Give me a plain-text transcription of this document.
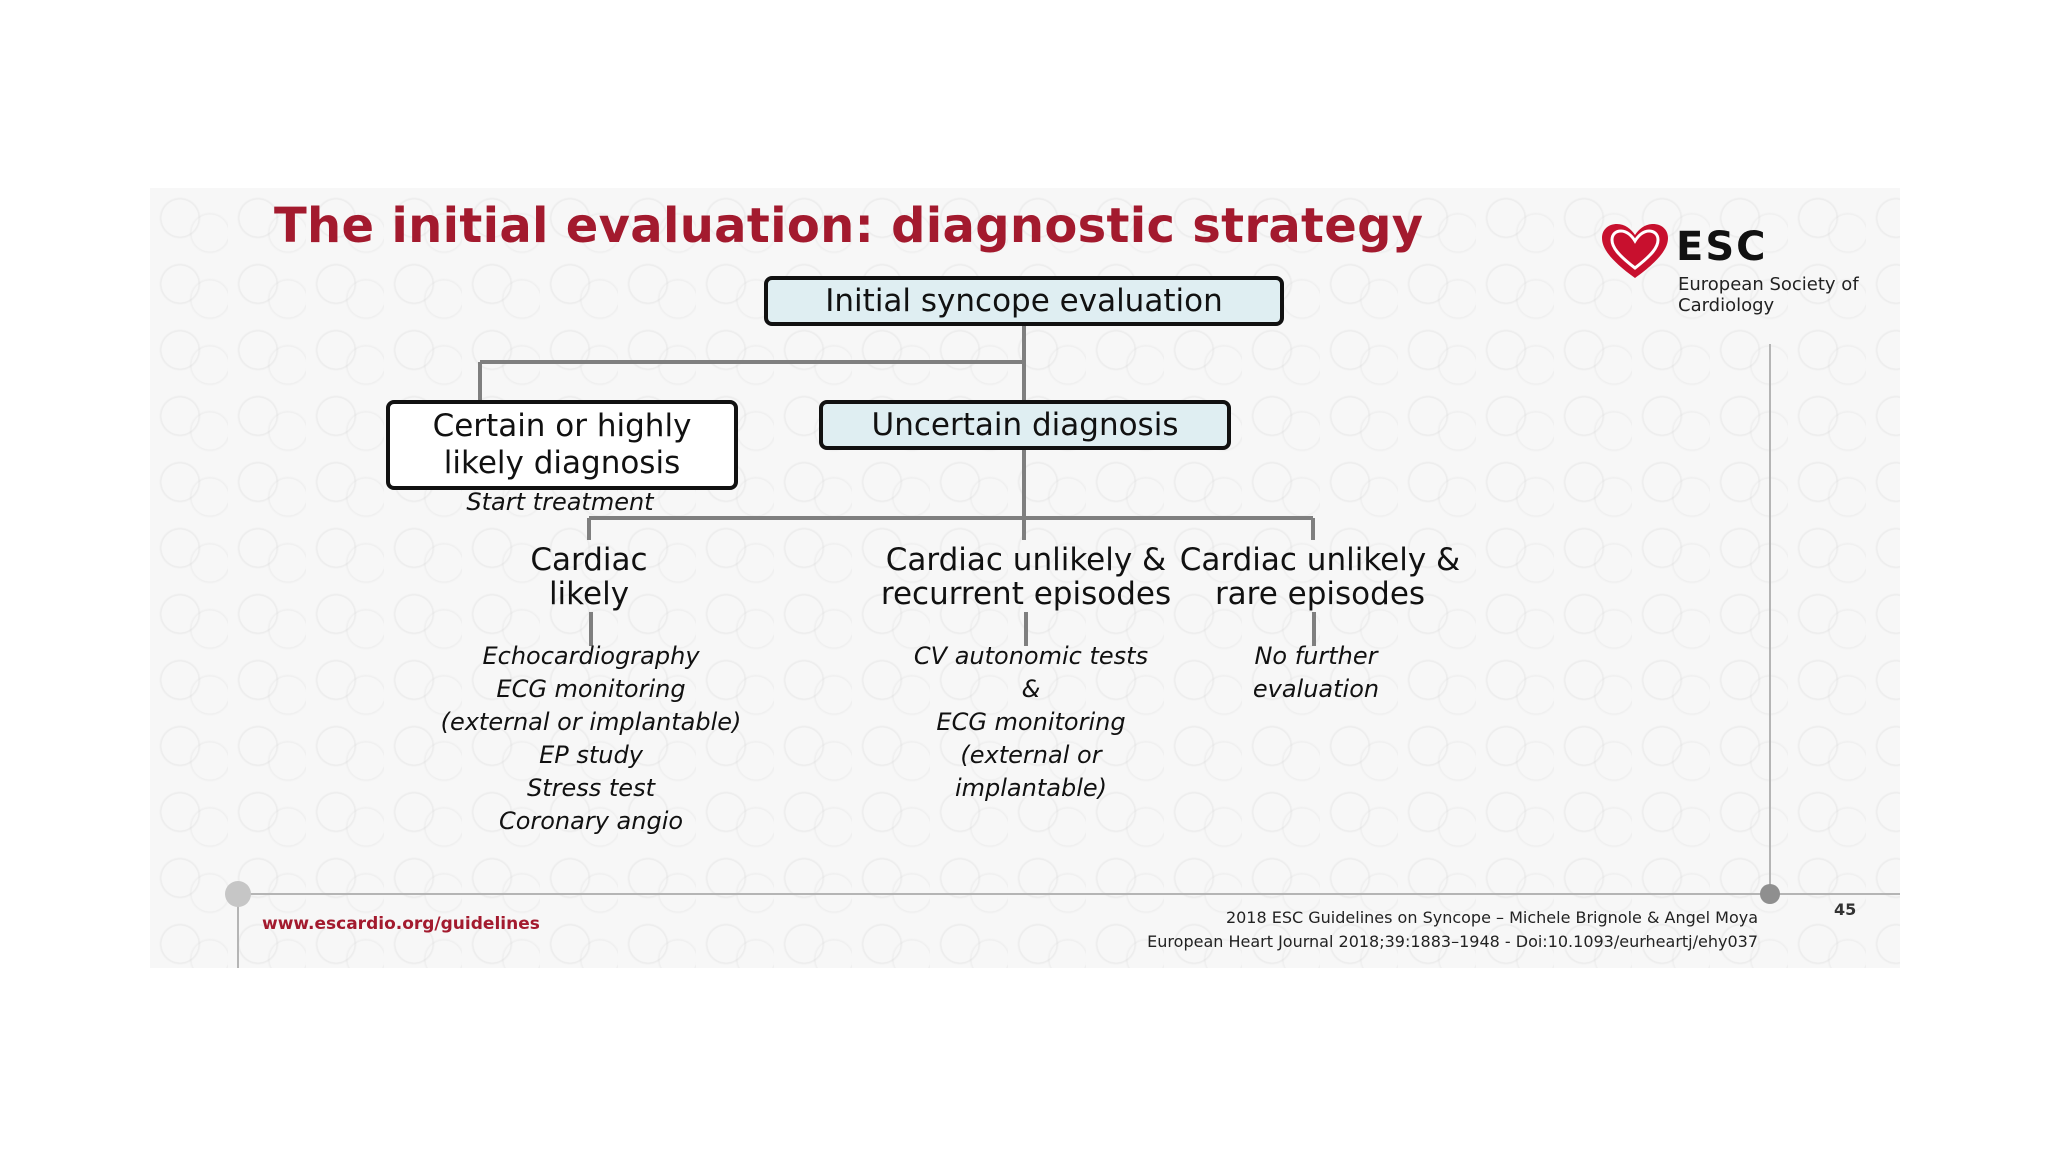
The initial evaluation: diagnostic strategy	ESC
European Society of Cardiology
Initial syncope evaluation
Certain or highly likely diagnosis
Start treatment
Uncertain diagnosis
Cardiac
likely
Cardiac unlikely &
recurrent episodes
Cardiac unlikely &
rare episodes
Echocardiography
ECG monitoring
(external or implantable)
EP study
Stress test
Coronary angio
CV autonomic tests
&
ECG monitoring
(external or
implantable)
No further
evaluation
www.escardio.org/guidelines	2018 ESC Guidelines on Syncope – Michele Brignole & Angel Moya
European Heart Journal 2018;39:1883–1948 - Doi:10.1093/eurheartj/ehy037
45
